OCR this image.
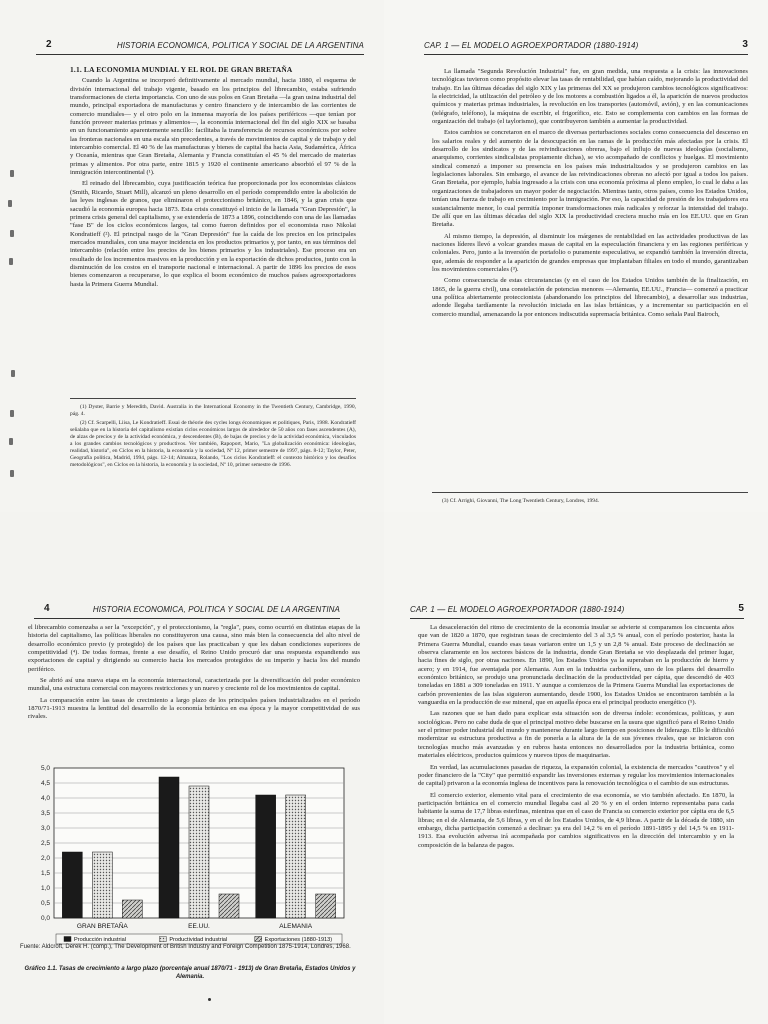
2	HISTORIA ECONOMICA, POLITICA Y SOCIAL DE LA ARGENTINA

1.1. LA ECONOMIA MUNDIAL Y EL ROL DE GRAN BRETAÑA

Cuando la Argentina se incorporó definitivamente al mercado mundial, hacia 1880, el esquema de división internacional del trabajo vigente, basado en los principios del librecambio, estaba sufriendo transformaciones de cierta importancia. Con uno de sus polos en Gran Bretaña —la gran usina industrial del mundo, principal exportadora de manufacturas y centro financiero y de intercambio de las corrientes de comercio mundiales— y el otro polo en la inmensa mayoría de los países periféricos —que tenían por función proveer materias primas y alimentos—, la economía internacional del fin del siglo XIX se basaba en un funcionamiento aparentemente sencillo: facilitaba la transferencia de recursos económicos por sobre las fronteras nacionales en una escala sin precedentes, a través de movimientos de capital y de trabajo y del intercambio comercial. El 40 % de las manufacturas y bienes de capital iba hacia Asia, Sudamérica, África y Oceanía, mientras que Gran Bretaña, Alemania y Francia constituían el 45 % del mercado de materias primas y alimentos. Por otra parte, entre 1815 y 1920 el continente americano absorbió el 97 % de la inmigración intercontinental (¹).

El reinado del librecambio, cuya justificación teórica fue proporcionada por los economistas clásicos (Smith, Ricardo, Stuart Mill), alcanzó un pleno desarrollo en el período comprendido entre la abolición de las leyes inglesas de granos, que eliminaron el proteccionismo británico, en 1846, y la gran crisis que sacudió la economía europea hacia 1873. Esta crisis constituyó el inicio de la llamada "Gran Depresión", la primera crisis general del capitalismo, y se extendería de 1873 a 1896, coincidiendo con una de las llamadas "fase B" de los ciclos económicos largos, tal como fueron definidos por el economista ruso Nikolai Kondratieff (²). El principal rasgo de la "Gran Depresión" fue la caída de los precios en los principales mercados mundiales, con una mayor incidencia en los productos primarios y, por tanto, en sus términos del intercambio (relación entre los precios de los bienes primarios y los industriales). Ese proceso era un resultado de los incrementos masivos en la producción y en la exportación de dichos productos, junto con la disminución de los costos en el transporte nacional e internacional. A partir de 1896 los precios de esos bienes comenzaron a recuperarse, lo que explica el boom económico de muchos países agroexportadores hasta la Primera Guerra Mundial.

(1) Dyster, Barrie y Meredith, David. Australia in the International Economy in the Twentieth Century, Cambridge, 1990, pág. 4.

(2) Cf. Scarpelli, Liisa, Le Kondratieff. Essai de théorie des cycles longs économiques et politiques, Paris, 1988. Kondratieff señalaba que en la historia del capitalismo existían ciclos económicos largos de alrededor de 50 años con fases ascendentes (A), de alzas de precios y de la actividad económica, y descendentes (B), de bajas de precios y de la actividad económica, vinculados a los grandes cambios tecnológicos y productivos. Ver también, Rapoport, Mario, "La globalización económica: ideologías, realidad, historia", en Ciclos en la historia, la economía y la sociedad, Nº 12, primer semestre de 1997, págs. 8-12; Taylor, Peter, Geografía política, Madrid, 1994, págs. 12-14; Almanza, Rolando, "Los ciclos Kondratieff: el contexto histórico y los desafíos metodológicos", en Ciclos en la historia, la economía y la sociedad, Nº 10, primer semestre de 1996.

CAP. 1 — EL MODELO AGROEXPORTADOR (1880-1914)	3

La llamada "Segunda Revolución Industrial" fue, en gran medida, una respuesta a la crisis: las innovaciones tecnológicas tuvieron como propósito elevar las tasas de rentabilidad, que habían caído, mejorando la productividad del trabajo. En las últimas décadas del siglo XIX y las primeras del XX se produjeron cambios tecnológicos significativos: la electricidad, la utilización del petróleo y de los motores a combustión ligados a él, la aparición de nuevos productos químicos y materias primas industriales, la revolución en los transportes (automóvil, avión), y en las comunicaciones (telégrafo, teléfono), la máquina de escribir, el frigorífico, etc. Esto se complementa con cambios en las formas de organización del trabajo (el taylorismo), que contribuyeron también a aumentar la productividad.

Estos cambios se concretaron en el marco de diversas perturbaciones sociales como consecuencia del descenso en los salarios reales y del aumento de la desocupación en las ramas de la producción más afectadas por la crisis. El desarrollo de los sindicatos y de las reivindicaciones obreras, bajo el influjo de nuevas ideologías (socialismo, anarquismo, corrientes sindicalistas propiamente dichas), se vio acompañado de conflictos y huelgas. El movimiento sindical comenzó a imponer su presencia en los países más industrializados y se produjeron cambios en las legislaciones laborales. Sin embargo, el avance de las reivindicaciones obreras no afectó por igual a todos los países. Gran Bretaña, por ejemplo, había ingresado a la crisis con una economía próxima al pleno empleo, lo cual le daba a las organizaciones de trabajadores un mayor poder de negociación. Mientras tanto, otros países, como los Estados Unidos, tenían una fuerza de trabajo en crecimiento por la inmigración. Por eso, la capacidad de presión de los trabajadores era sustancialmente menor, lo cual permitía imponer transformaciones más radicales y reforzar la intensidad del trabajo. De allí que en las últimas décadas del siglo XIX la productividad creciera mucho más en los EE.UU. que en Gran Bretaña.

Al mismo tiempo, la depresión, al disminuir los márgenes de rentabilidad en las actividades productivas de las naciones líderes llevó a volcar grandes masas de capital en la especulación financiera y en las regiones periféricas y coloniales. Pero, junto a la inversión de portafolio o puramente especulativa, se expandió también la inversión directa, que, además de responder a la aparición de grandes empresas que implantaban filiales en todo el mundo, garantizaban los movimientos comerciales (³).

Como consecuencia de estas circunstancias (y en el caso de los Estados Unidos también de la finalización, en 1865, de la guerra civil), una constelación de potencias menores —Alemania, EE.UU., Francia— comenzó a practicar una política abiertamente proteccionista (abandonando los principios del librecambio), a desarrollar sus industrias, adonde llegaba tardíamente la revolución iniciada en las islas británicas, y a incrementar su participación en el comercio mundial, amenazando la por entonces indiscutida supremacía británica. Como señala Paul Bairoch,

(3) Cf. Arrighi, Giovanni, The Long Twentieth Century, Londres, 1994.

4	HISTORIA ECONOMICA, POLITICA Y SOCIAL DE LA ARGENTINA

el librecambio comenzaba a ser la "excepción", y el proteccionismo, la "regla", pues, como ocurrió en distintas etapas de la historia del capitalismo, las políticas liberales no constituyeron una causa, sino más bien la consecuencia del alto nivel de desarrollo económico previo (y protegido) de los países que las practicaban y que les daban condiciones superiores de competitividad (⁴). De todas formas, frente a ese desafío, el Reino Unido procuró dar una respuesta expandiendo sus exportaciones de capital y dirigiendo su comercio hacia los mercados protegidos de su imperio y hacia los del mundo periférico.

Se abrió así una nueva etapa en la economía internacional, caracterizada por la diversificación del poder económico mundial, una estructura comercial con mayores restricciones y un nuevo y creciente rol de los movimientos de capital.

La comparación entre las tasas de crecimiento a largo plazo de los principales países industrializados en el período 1870/71-1913 muestra la lentitud del desarrollo de la economía británica en esa época y la mayor competitividad de sus rivales.

0,0
0,5
1,0
1,5
2,0
2,5
3,0
3,5
4,0
4,5
5,0
GRAN BRETAÑA	EE.UU.	ALEMANIA
Producción industrial	Productividad industrial	Exportaciones (1880-1913)
Fuente: Aldcroft, Derek H. (comp.), The Development of British Industry and Foreign Competition 1875-1914, Londres, 1968.
Gráfico 1.1. Tasas de crecimiento a largo plazo (porcentaje anual 1870/71 - 1913) de Gran Bretaña, Estados Unidos y Alemania.
CAP. 1 — EL MODELO AGROEXPORTADOR (1880-1914)	5

La desaceleración del ritmo de crecimiento de la economía insular se advierte si comparamos los cincuenta años que van de 1820 a 1870, que registran tasas de crecimiento del 3 al 3,5 % anual, con el período posterior, hasta la Primera Guerra Mundial, cuando esas tasas variaron entre un 1,5 y un 2,8 % anual. Este proceso de declinación se observa claramente en los sectores básicos de la industria, donde Gran Bretaña se vio desplazada del primer lugar, hacia fines de siglo, por otras naciones. En 1890, los Estados Unidos ya la superaban en la producción de hierro y acero; y en 1914, fue aventajada por Alemania. Aun en la industria carbonífera, uno de los pilares del desarrollo económico británico, se produjo una pronunciada declinación de la productividad per cápita, que descendió de 403 toneladas en 1881 a 309 toneladas en 1911. Y aunque a comienzos de la Primera Guerra Mundial las exportaciones de carbón provenientes de las islas siguieron aumentando, desde 1900, los Estados Unidos se encontraron también a la vanguardia en la producción de ese mineral, que en aquella época era el principal producto energético (⁵).

Las razones que se han dado para explicar esta situación son de diversa índole: económicas, políticas, y aun sociológicas. Pero no cabe duda de que el principal motivo debe buscarse en la usura que significó para el Reino Unido ser el primer poder industrial del mundo y mantenerse durante largo tiempo en posiciones de liderazgo. Ello le dificultó modernizar su estructura productiva a fin de ponerla a la altura de la de sus jóvenes rivales, que se iniciaron con tecnologías mucho más avanzadas y en rubros hasta entonces no desarrollados por la industria británica, como materiales eléctricos, productos químicos y nuevos tipos de maquinarias.

En verdad, las acumulaciones pasadas de riqueza, la expansión colonial, la existencia de mercados "cautivos" y el poder financiero de la "City" que permitió expandir las inversiones externas y regular los movimientos internacionales de capital) privaron a la economía inglesa de incentivos para la renovación tecnológica o el cambio de sus estructuras.

El comercio exterior, elemento vital para el crecimiento de esa economía, se vio también afectado. En 1870, la participación británica en el comercio mundial llegaba casi al 20 % y en el orden interno representaba para cada habitante la suma de 17,7 libras esterlinas, mientras que en el caso de Francia su comercio exterior por cápita era de 6,5 libras; en el de Alemania, de 5,6 libras, y en el de los Estados Unidos, de 4,9 libras. A partir de la década de 1880, sin embargo, dicha participación comenzó a declinar: ya era del 14,2 % en el período 1891-1895 y del 14,5 % en 1911-1913. Esa evolución adversa irá acompañada por cambios significativos en la dirección del intercambio y en la composición de la balanza de pagos.
